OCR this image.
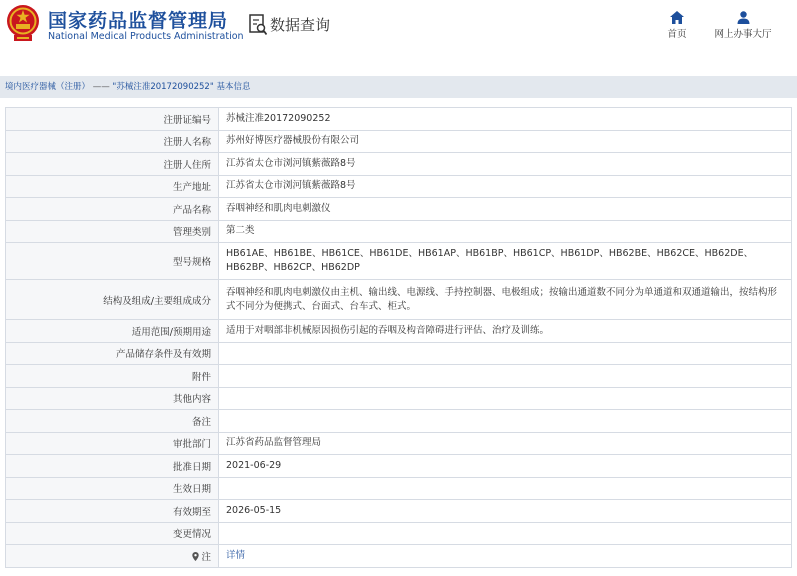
国家药品监督管理局
National Medical Products Administration
数据查询
首页	网上办事大厅
境内医疗器械（注册） —— "苏械注准20172090252" 基本信息
注册证编号	苏械注准20172090252
注册人名称	苏州好博医疗器械股份有限公司
注册人住所	江苏省太仓市浏河镇紫薇路8号
生产地址	江苏省太仓市浏河镇紫薇路8号
产品名称	吞咽神经和肌肉电刺激仪
管理类别	第二类
型号规格	HB61AE、HB61BE、HB61CE、HB61DE、HB61AP、HB61BP、HB61CP、HB61DP、HB62BE、HB62CE、HB62DE、HB62BP、HB62CP、HB62DP
结构及组成/主要组成成分	吞咽神经和肌肉电刺激仪由主机、输出线、电源线、手持控制器、电极组成；按输出通道数不同分为单通道和双通道输出，按结构形式不同分为便携式、台面式、台车式、柜式。
适用范围/预期用途	适用于对咽部非机械原因损伤引起的吞咽及构音障碍进行评估、治疗及训练。
产品储存条件及有效期	
附件	
其他内容	
备注	
审批部门	江苏省药品监督管理局
批准日期	2021-06-29
生效日期	
有效期至	2026-05-15
变更情况	
注	详情
